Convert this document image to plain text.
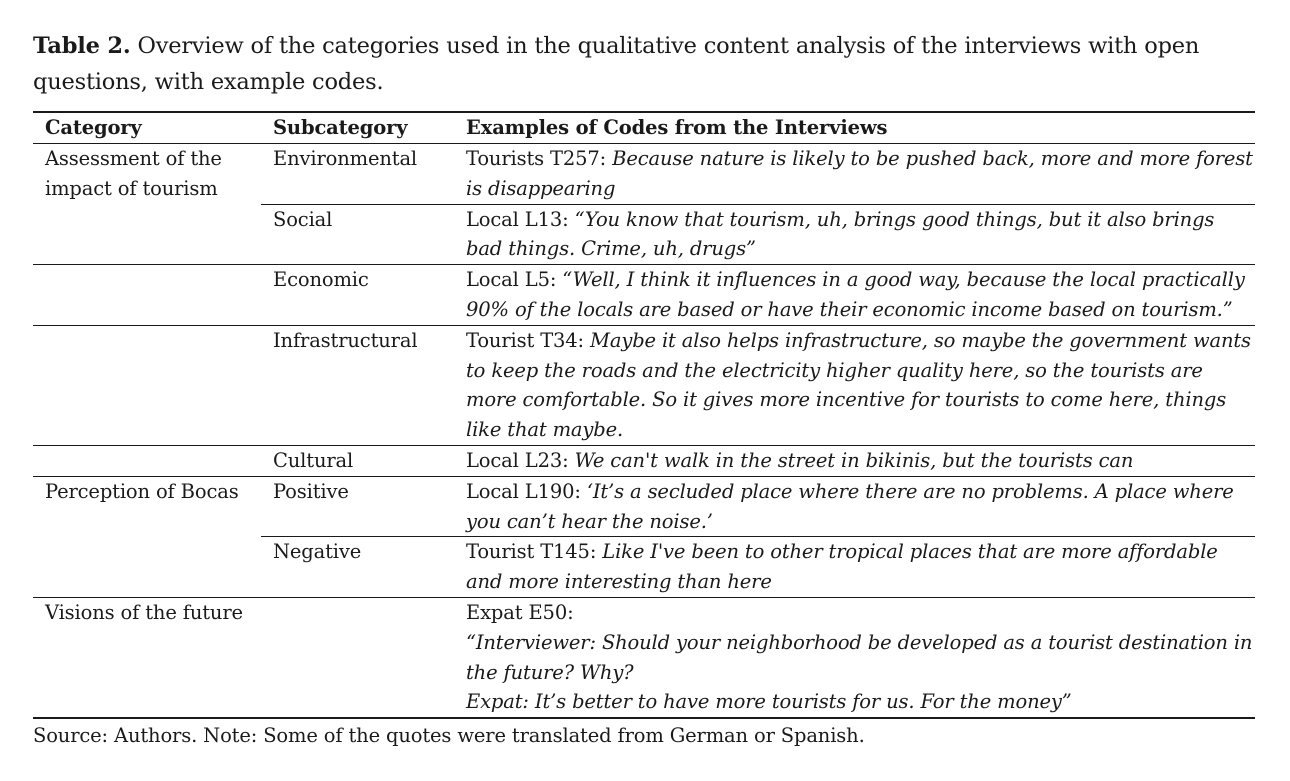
Table 2. Overview of the categories used in the qualitative content analysis of the interviews with open questions, with example codes.
Category	Subcategory	Examples of Codes from the Interviews
Assessment of the impact of tourism	Environmental	Tourists T257: Because nature is likely to be pushed back, more and more forest is disappearing
	Social	Local L13: “You know that tourism, uh, brings good things, but it also brings bad things. Crime, uh, drugs”
	Economic	Local L5: “Well, I think it influences in a good way, because the local practically 90% of the locals are based or have their economic income based on tourism.”
	Infrastructural	Tourist T34: Maybe it also helps infrastructure, so maybe the government wants to keep the roads and the electricity higher quality here, so the tourists are more comfortable. So it gives more incentive for tourists to come here, things like that maybe.
	Cultural	Local L23: We can't walk in the street in bikinis, but the tourists can
Perception of Bocas	Positive	Local L190: ‘It’s a secluded place where there are no problems. A place where you can’t hear the noise.’
	Negative	Tourist T145: Like I've been to other tropical places that are more affordable and more interesting than here
Visions of the future		Expat E50:
“Interviewer: Should your neighborhood be developed as a tourist destination in the future? Why?
Expat: It’s better to have more tourists for us. For the money”
Source: Authors. Note: Some of the quotes were translated from German or Spanish.
